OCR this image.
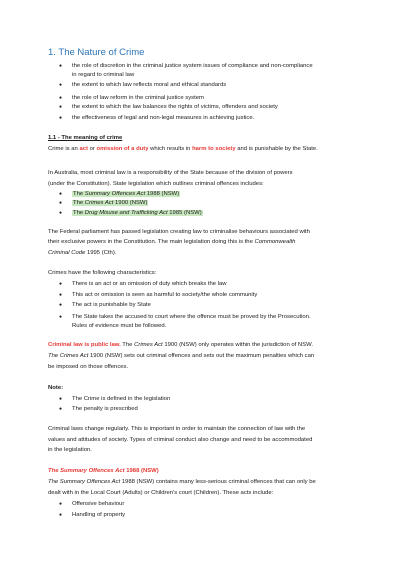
1. The Nature of Crime
● the role of discretion in the criminal justice system issues of compliance and non-compliance
in regard to criminal law
● the extent to which law reflects moral and ethical standards
● the role of law reform in the criminal justice system
● the extent to which the law balances the rights of victims, offenders and society
● the effectiveness of legal and non-legal measures in achieving justice.
1.1 - The meaning of crime
Crime is an act or omission of a duty which results in harm to society and is punishable by the State.
In Australia, most criminal law is a responsibility of the State because of the division of powers
(under the Constitution). State legislation which outlines criminal offences includes:
● The Summary Offences Act 1988 (NSW)
● The Crimes Act 1900 (NSW)
● The Drug Misuse and Trafficking Act 1985 (NSW)
The Federal parliament has passed legislation creating law to criminalise behaviours associated with
their exclusive powers in the Constitution. The main legislation doing this is the Commonwealth
Criminal Code 1995 (Cth).
Crimes have the following characteristics:
● There is an act or an omission of duty which breaks the law
● This act or omission is seen as harmful to society/the whole community
● The act is punishable by State
● The State takes the accused to court where the offence must be proved by the Prosecution.
Rules of evidence must be followed.
Criminal law is public law. The Crimes Act 1900 (NSW) only operates within the jurisdiction of NSW.
The Crimes Act 1900 (NSW) sets out criminal offences and sets out the maximum penalties which can
be imposed on those offences.
Note:
● The Crime is defined in the legislation
● The penalty is prescribed
Criminal laws change regularly. This is important in order to maintain the connection of law with the
values and attitudes of society. Types of criminal conduct also change and need to be accommodated
in the legislation.
The Summary Offences Act 1988 (NSW)
The Summary Offences Act 1988 (NSW) contains many less-serious criminal offences that can only be
dealt with in the Local Court (Adults) or Children's court (Children). These acts include:
● Offensive behaviour
● Handling of property
